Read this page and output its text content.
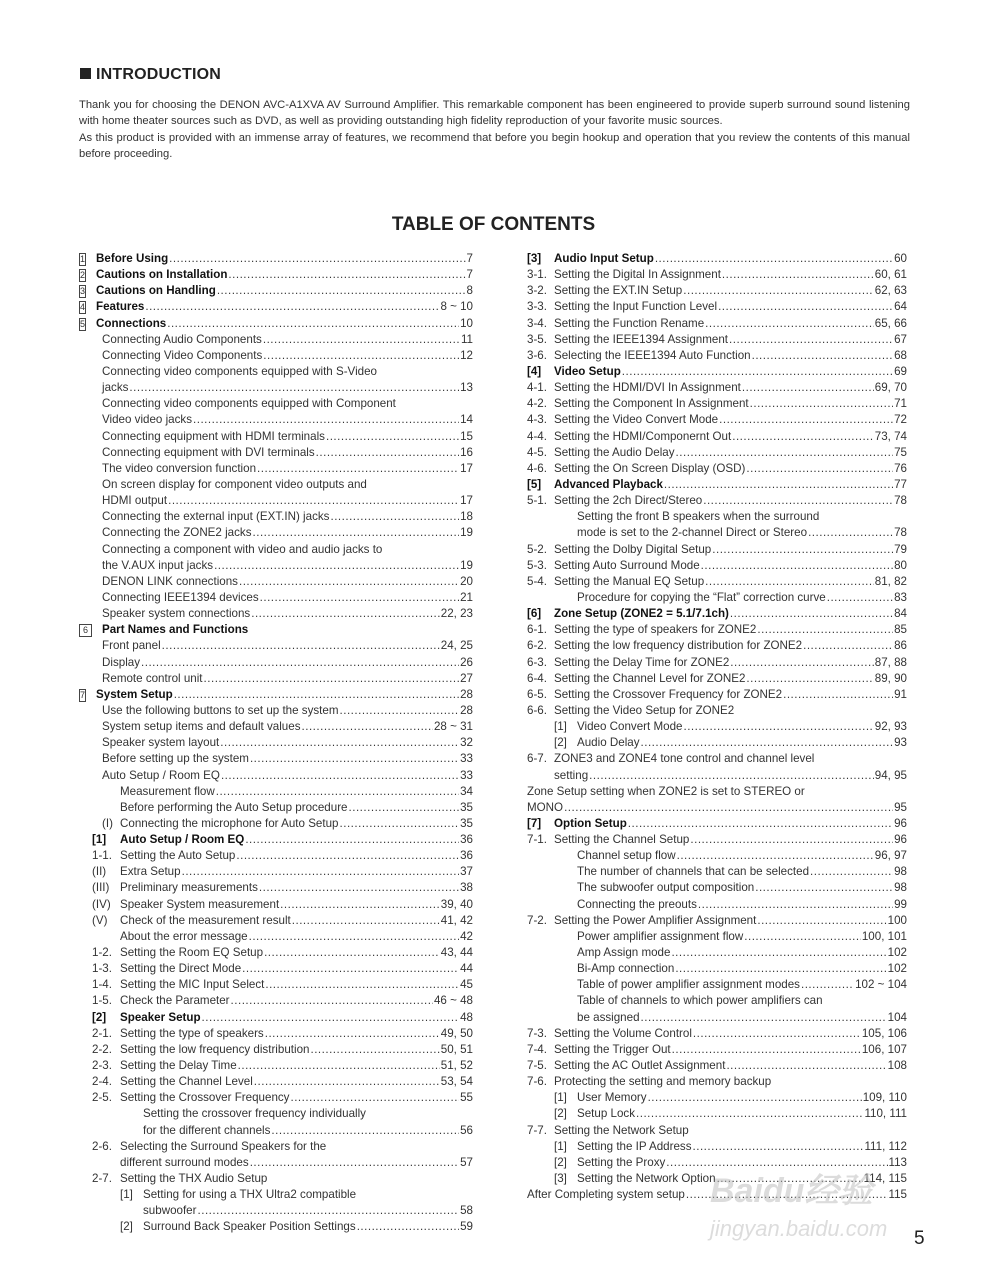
INTRODUCTION

Thank you for choosing the DENON AVC-A1XVA AV Surround Amplifier. This remarkable component has been engineered to provide superb surround sound listening with home theater sources such as DVD, as well as providing outstanding high fidelity reproduction of your favorite music sources.

As this product is provided with an immense array of features, we recommend that before you begin hookup and operation that you review the contents of this manual before proceeding.

TABLE OF CONTENTS
1 Before Using .....	7
2 Cautions on Installation .....	7
3 Cautions on Handling .....	8
4 Features .....	8 ~ 10
5 Connections .....	10
Connecting Audio Components .....	11
Connecting Video Components .....	12
Connecting video components equipped with S-Video
jacks .....	13
Connecting video components equipped with Component
Video video jacks .....	14
Connecting equipment with HDMI terminals .....	15
Connecting equipment with DVI terminals .....	16
The video conversion function .....	17
On screen display for component video outputs and
HDMI output .....	17
Connecting the external input (EXT.IN) jacks .....	18
Connecting the ZONE2 jacks .....	19
Connecting a component with video and audio jacks to
the V.AUX input jacks .....	19
DENON LINK connections .....	20
Connecting IEEE1394 devices .....	21
Speaker system connections .....	22, 23
6	Part Names and Functions
Front panel .....	24, 25
Display .....	26
Remote control unit .....	27
7 System Setup .....	28
Use the following buttons to set up the system .....	28
System setup items and default values .....	28 ~ 31
Speaker system layout .....	32
Before setting up the system .....	33
Auto Setup / Room EQ .....	33
Measurement flow .....	34
Before performing the Auto Setup procedure .....	35
(I) Connecting the microphone for Auto Setup .....	35
[1]	Auto Setup / Room EQ .....	36
1-1. Setting the Auto Setup .....	36
(II)	Extra Setup .....	37
(III) Preliminary measurements .....	38
(IV) Speaker System measurement .....	39, 40
(V)	Check of the measurement result .....	41, 42
About the error message .....	42
1-2. Setting the Room EQ Setup .....	43, 44
1-3. Setting the Direct Mode .....	44
1-4. Setting the MIC Input Select .....	45
1-5. Check the Parameter .....	46 ~ 48
[2]	Speaker Setup .....	48
2-1. Setting the type of speakers .....	49, 50
2-2. Setting the low frequency distribution .....	50, 51
2-3. Setting the Delay Time .....	51, 52
2-4. Setting the Channel Level .....	53, 54
2-5. Setting the Crossover Frequency .....	55
Setting the crossover frequency individually
for the different channels .....	56
2-6. Selecting the Surround Speakers for the
different surround modes .....	57
2-7. Setting the THX Audio Setup
[1] Setting for using a THX Ultra2 compatible
subwoofer .....	58
[2] Surround Back Speaker Position Settings .....	59
[3]	Audio Input Setup .....	60
3-1. Setting the Digital In Assignment .....	60, 61
3-2. Setting the EXT.IN Setup .....	62, 63
3-3. Setting the Input Function Level .....	64
3-4. Setting the Function Rename .....	65, 66
3-5. Setting the IEEE1394 Assignment .....	67
3-6. Selecting the IEEE1394 Auto Function .....	68
[4]	Video Setup .....	69
4-1. Setting the HDMI/DVI In Assignment .....	69, 70
4-2. Setting the Component In Assignment .....	71
4-3. Setting the Video Convert Mode .....	72
4-4. Setting the HDMI/Componernt Out .....	73, 74
4-5. Setting the Audio Delay .....	75
4-6. Setting the On Screen Display (OSD) .....	76
[5]	Advanced Playback .....	77
5-1. Setting the 2ch Direct/Stereo .....	78
Setting the front B speakers when the surround
mode is set to the 2-channel Direct or Stereo .....	78
5-2. Setting the Dolby Digital Setup .....	79
5-3. Setting Auto Surround Mode .....	80
5-4. Setting the Manual EQ Setup .....	81, 82
Procedure for copying the “Flat” correction curve .....	83
[6]	Zone Setup (ZONE2 = 5.1/7.1ch) .....	84
6-1. Setting the type of speakers for ZONE2 .....	85
6-2. Setting the low frequency distribution for ZONE2 .....	86
6-3. Setting the Delay Time for ZONE2 .....	87, 88
6-4. Setting the Channel Level for ZONE2 .....	89, 90
6-5. Setting the Crossover Frequency for ZONE2 .....	91
6-6. Setting the Video Setup for ZONE2
[1] Video Convert Mode .....	92, 93
[2] Audio Delay .....	93
6-7. ZONE3 and ZONE4 tone control and channel level
setting .....	94, 95
Zone Setup setting when ZONE2 is set to STEREO or
MONO .....	95
[7]	Option Setup .....	96
7-1. Setting the Channel Setup .....	96
Channel setup flow .....	96, 97
The number of channels that can be selected .....	98
The subwoofer output composition .....	98
Connecting the preouts .....	99
7-2. Setting the Power Amplifier Assignment .....	100
Power amplifier assignment flow .....	100, 101
Amp Assign mode .....	102
Bi-Amp connection .....	102
Table of power amplifier assignment modes .....	102 ~ 104
Table of channels to which power amplifiers can
be assigned .....	104
7-3. Setting the Volume Control .....	105, 106
7-4. Setting the Trigger Out .....	106, 107
7-5. Setting the AC Outlet Assignment .....	108
7-6. Protecting the setting and memory backup
[1] User Memory .....	109, 110
[2] Setup Lock .....	110, 111
7-7. Setting the Network Setup
[1] Setting the IP Address .....	111, 112
[2] Setting the Proxy .....	113
[3] Setting the Network Option .....	114, 115
After Completing system setup .....	115
5
Baidu经验
jingyan.baidu.com
